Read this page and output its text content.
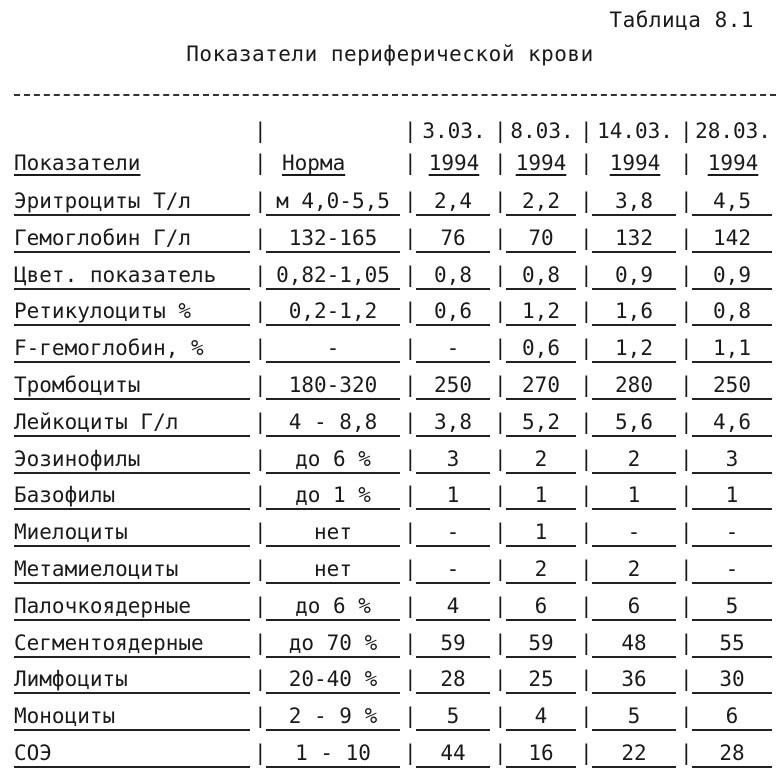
Таблица 8.1
Показатели периферической крови
|	|	|	|	|
3.03.	8.03.	14.03.	28.03.
Показатели	| Норма	| 1994 | 1994 | 1994 | 1994
Эритроциты Т/л	| м 4,0-5,5 | 2,4	| 2,2 |	3,8	| 4,5
Гемоглобин Г/л	|	132-165	|	76	|	70	|	132	| 142
Цвет. показатель	| 0,82-1,05 | 0,8	| 0,8 |	0,9	| 0,9
Ретикулоциты %	|	0,2-1,2	| 0,6	| 1,2 |	1,6	| 0,8
F-гемоглобин, %	|	-	|	-	| 0,6 |	1,2	| 1,1
Тромбоциты	|	180-320	| 250	| 270 |	280	| 250
Лейкоциты Г/л	|	4 - 8,8	| 3,8	| 5,2 |	5,6	| 4,6
Эозинофилы	|	до 6 %	|	3	|	2	|	2	|	3
Базофилы	|	до 1 %	|	1	|	1	|	1	|	1
Миелоциты	|	нет	|	-	|	1	|	-	|	-
Метамиелоциты	|	нет	|	-	|	2	|	2	|	-
Палочкоядерные	|	до 6 %	|	4	|	6	|	6	|	5
Сегментоядерные	|	до 70 %	|	59	|	59	|	48	|	55
Лимфоциты	|	20-40 %	|	28	|	25	|	36	|	30
Моноциты	|	2 - 9 %	|	5	|	4	|	5	|	6
СОЭ	|	1 - 10	|	44	|	16	|	22	|	28
